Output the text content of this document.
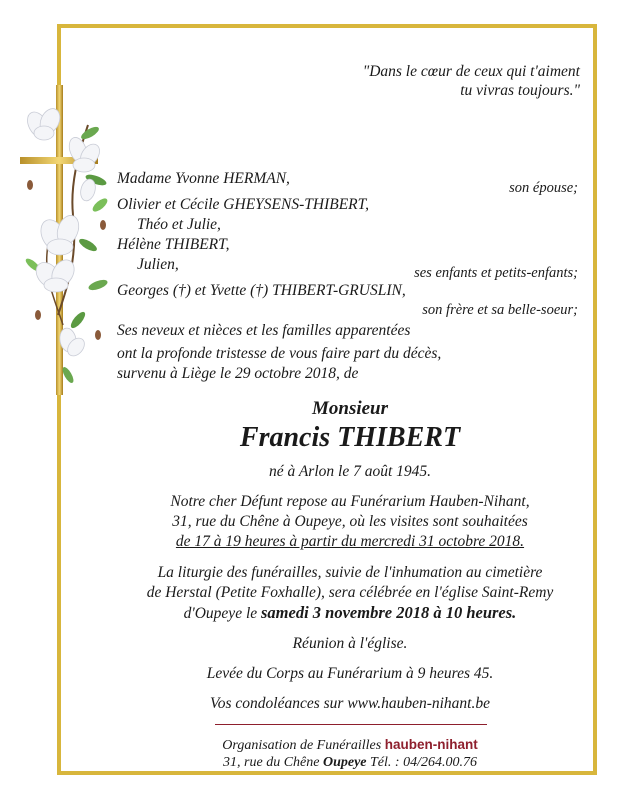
"Dans le cœur de ceux qui t'aiment
tu vivras toujours."
Madame Yvonne HERMAN,
son épouse;
Olivier et Cécile GHEYSENS-THIBERT,
Théo et Julie,
Hélène THIBERT,
Julien,	ses enfants et petits-enfants;
Georges (†) et Yvette (†) THIBERT-GRUSLIN,
son frère et sa belle-soeur;
Ses neveux et nièces et les familles apparentées
ont la profonde tristesse de vous faire part du décès,
survenu à Liège le 29 octobre 2018, de
Monsieur
Francis THIBERT
né à Arlon le 7 août 1945.
Notre cher Défunt repose au Funérarium Hauben-Nihant,
31, rue du Chêne à Oupeye, où les visites sont souhaitées
de 17 à 19 heures à partir du mercredi 31 octobre 2018.
La liturgie des funérailles, suivie de l'inhumation au cimetière
de Herstal (Petite Foxhalle), sera célébrée en l'église Saint-Remy
d'Oupeye le samedi 3 novembre 2018 à 10 heures.
Réunion à l'église.
Levée du Corps au Funérarium à 9 heures 45.
Vos condoléances sur www.hauben-nihant.be
Organisation de Funérailles hauben-nihant
31, rue du Chêne Oupeye Tél. : 04/264.00.76
